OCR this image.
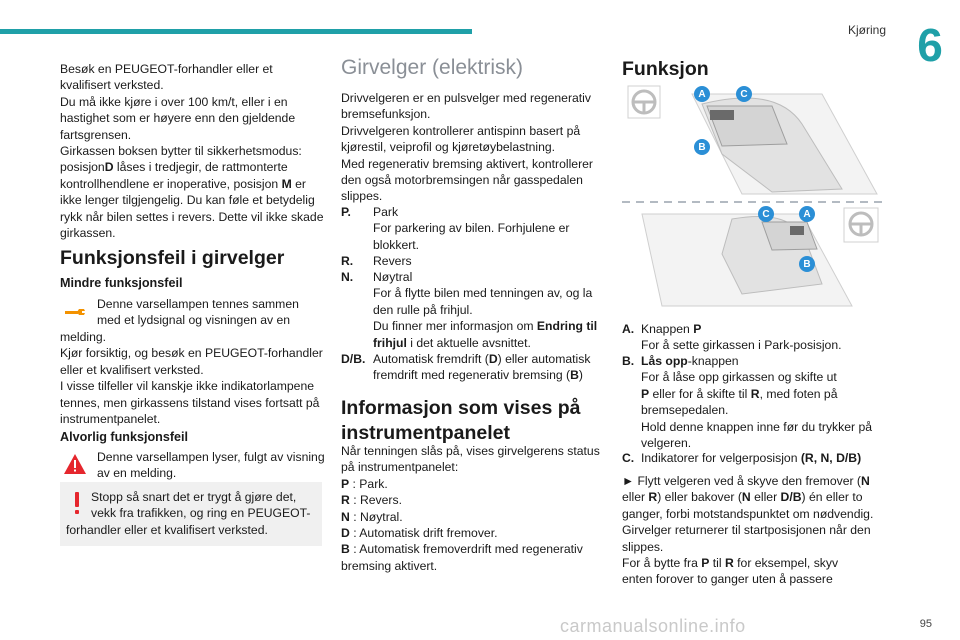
Kjøring 6

Besøk en PEUGEOT-forhandler eller et

kvalifisert verksted.

Du må ikke kjøre i over 100 km/t, eller i en

hastighet som er høyere enn den gjeldende

fartsgrensen.

Girkassen boksen bytter til sikkerhetsmodus:

posisjonD låses i tredjegir, de rattmonterte

kontrollhendlene er inoperative, posisjon M er

ikke lenger tilgjengelig. Du kan føle et betydelig

rykk når bilen settes i revers. Dette vil ikke skade

girkassen.

Funksjonsfeil i girvelger
Mindre funksjonsfeil

Denne varsellampen tennes sammen

med et lydsignal og visningen av en

melding.

Kjør forsiktig, og besøk en PEUGEOT-forhandler

eller et kvalifisert verksted.

I visse tilfeller vil kanskje ikke indikatorlampene

tennes, men girkassens tilstand vises fortsatt på

instrumentpanelet.

Alvorlig funksjonsfeil

Denne varsellampen lyser, fulgt av visning

av en melding.

Stopp så snart det er trygt å gjøre det,

vekk fra trafikken, og ring en PEUGEOT-

forhandler eller et kvalifisert verksted.

Girvelger (elektrisk)

Drivvelgeren er en pulsvelger med regenerativ

bremsefunksjon.

Drivvelgeren kontrollerer antispinn basert på

kjørestil, veiprofil og kjøretøybelastning.

Med regenerativ bremsing aktivert, kontrollerer

den også motorbremsingen når gasspedalen

slippes.

P. Park
For parkering av bilen. Forhjulene er
blokkert.
R. Revers
N. Nøytral
For å flytte bilen med tenningen av, og la
den rulle på frihjul.
Du finner mer informasjon om Endring til
frihjul i det aktuelle avsnittet.
D/B. Automatisk fremdrift (D) eller automatisk
fremdrift med regenerativ bremsing (B)
Informasjon som vises på
instrumentpanelet

Når tenningen slås på, vises girvelgerens status

på instrumentpanelet:

P : Park.

R : Revers.

N : Nøytral.

D : Automatisk drift fremover.

B : Automatisk fremoverdrift med regenerativ

bremsing aktivert.

Funksjon
A	C
B
C	A
B
A. Knappen P
For å sette girkassen i Park-posisjon.
B. Lås opp-knappen
For å låse opp girkassen og skifte ut
P eller for å skifte til R, med foten på
bremsepedalen.
Hold denne knappen inne før du trykker på
velgeren.
C. Indikatorer for velgerposisjon (R, N, D/B)

► Flytt velgeren ved å skyve den fremover (N

eller R) eller bakover (N eller D/B) én eller to

ganger, forbi motstandspunktet om nødvendig.

Girvelger returnerer til startposisjonen når den

slippes.

For å bytte fra P til R for eksempel, skyv

enten forover to ganger uten å passere

95
carmanualsonline.info
